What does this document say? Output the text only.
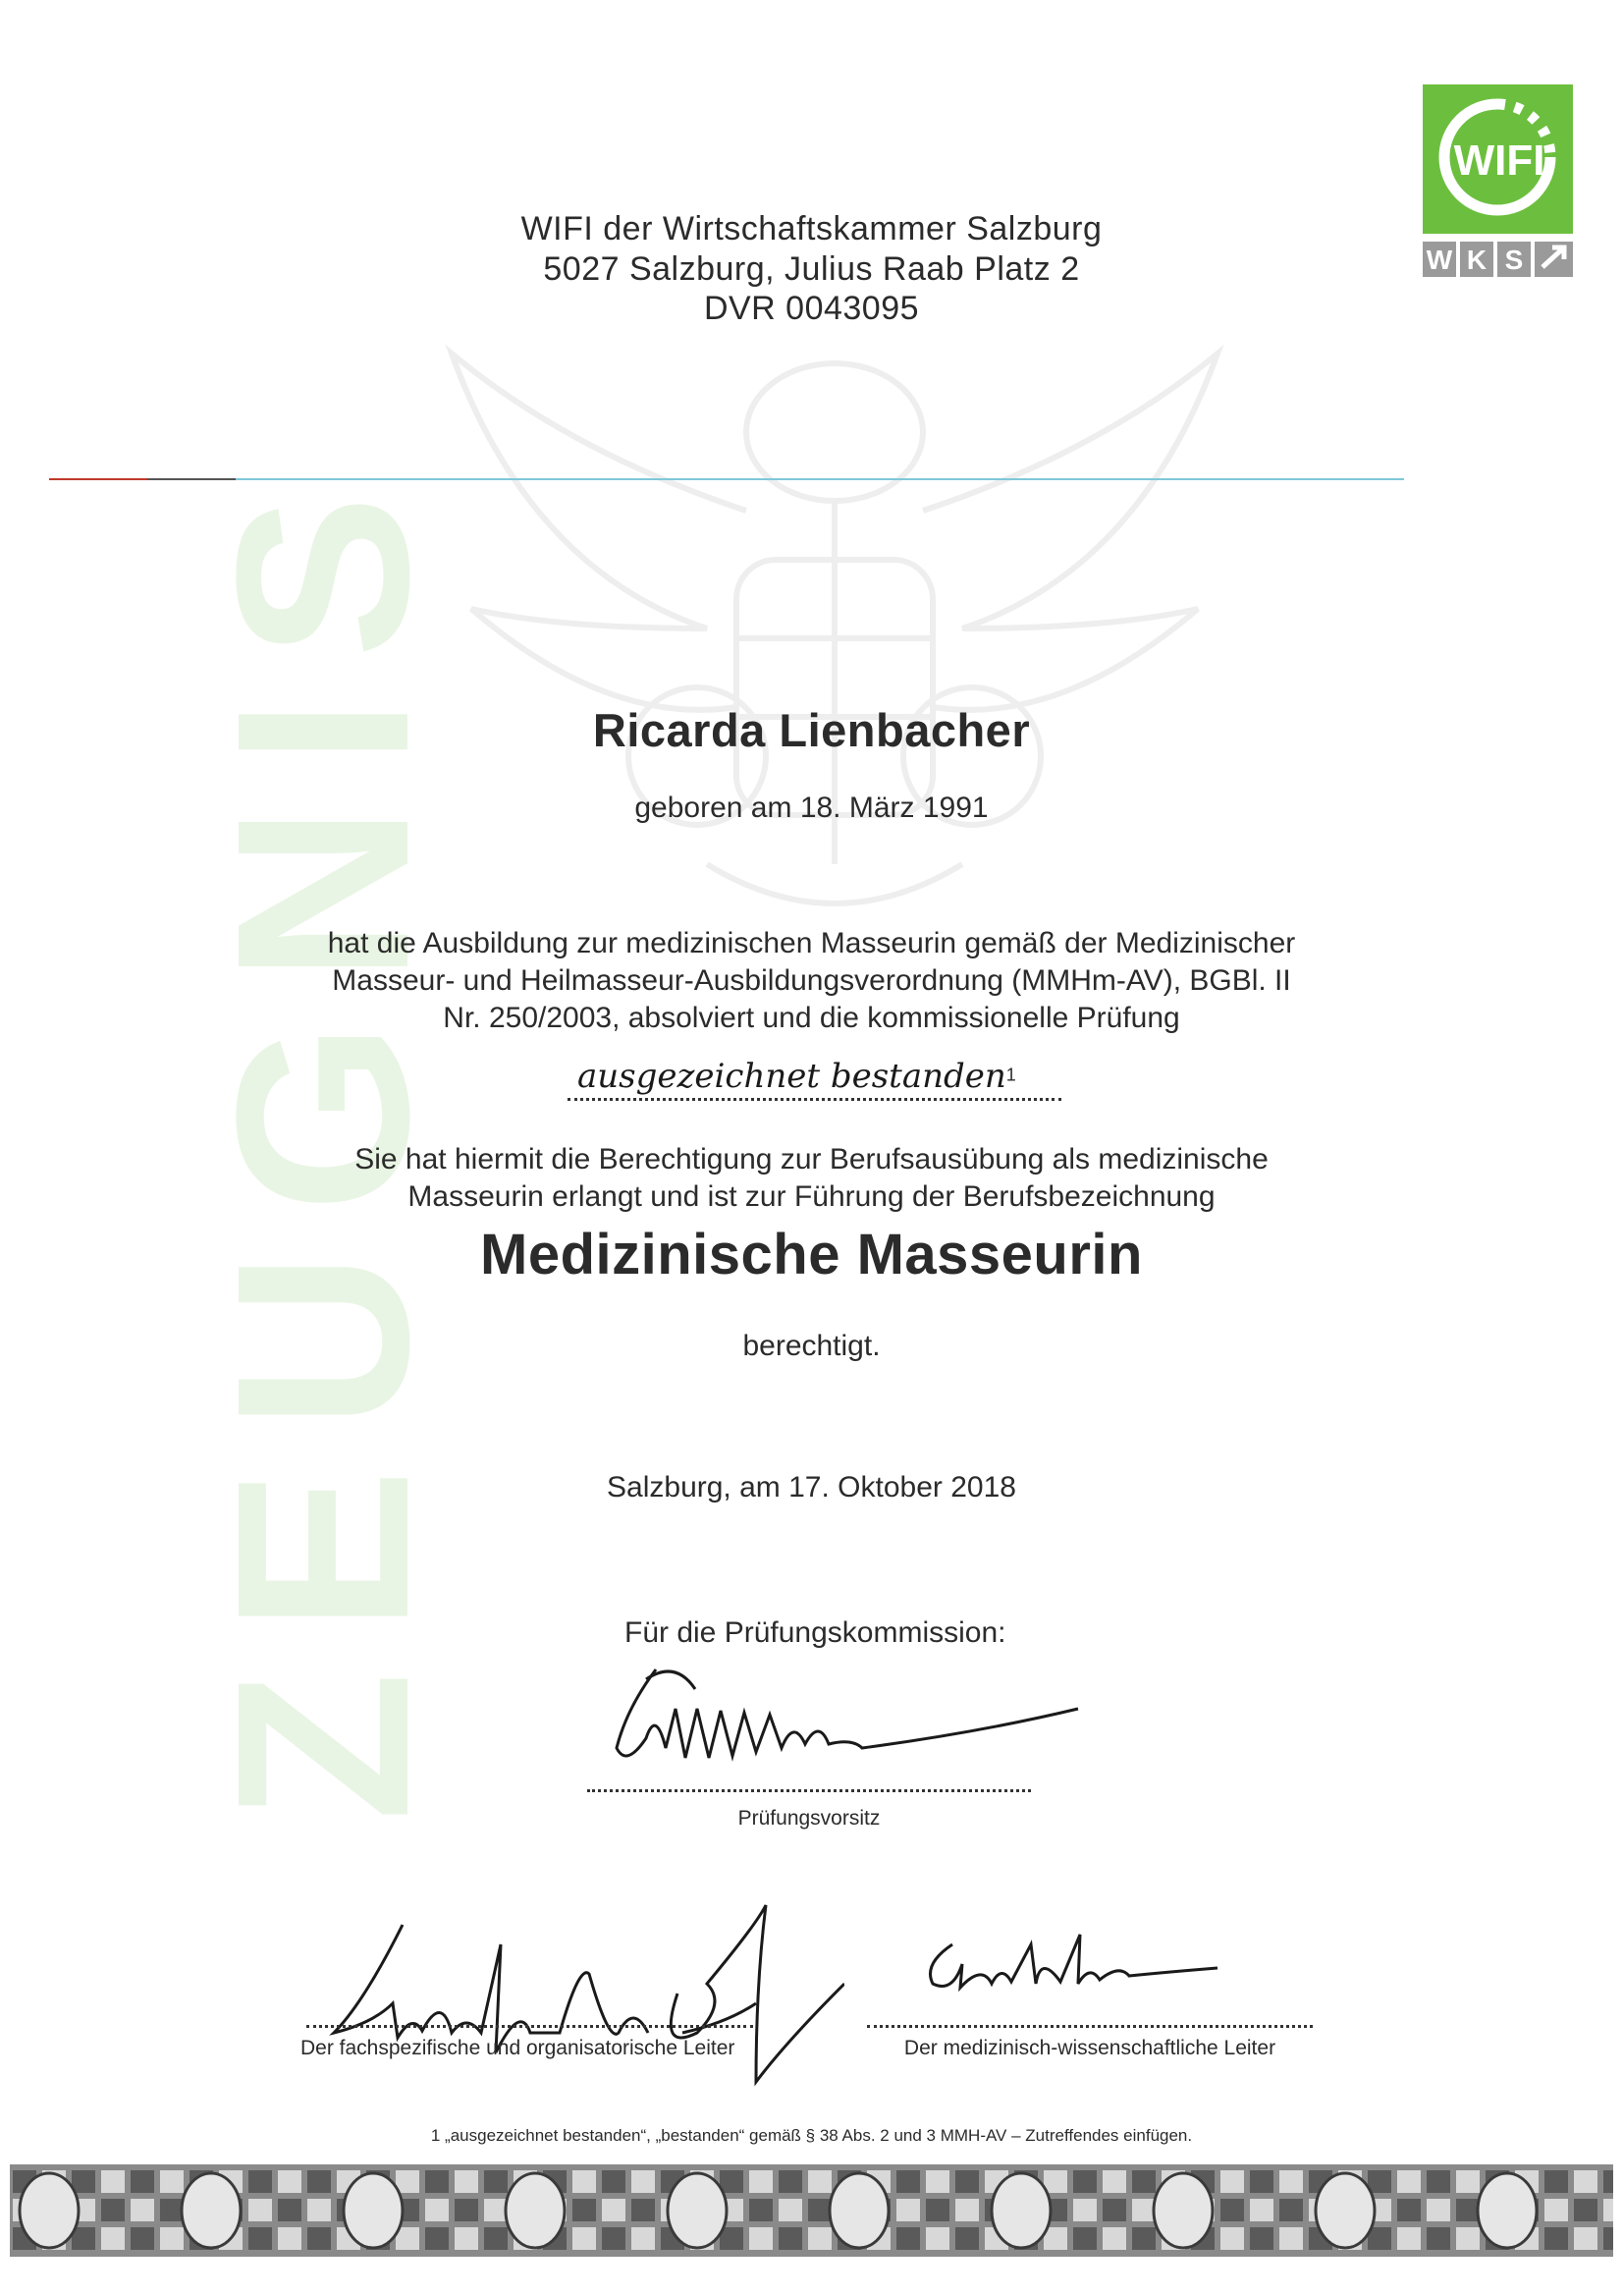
ZEUGNIS
WIFI der Wirtschaftskammer Salzburg
5027 Salzburg, Julius Raab Platz 2
DVR 0043095
WIFI
W K S
Ricarda Lienbacher
geboren am 18. März 1991
hat die Ausbildung zur medizinischen Masseurin gemäß der Medizinischer
Masseur- und Heilmasseur-Ausbildungsverordnung (MMHm-AV), BGBl. II
Nr. 250/2003, absolviert und die kommissionelle Prüfung
ausgezeichnet bestanden$^1$
Sie hat hiermit die Berechtigung zur Berufsausübung als medizinische
Masseurin erlangt und ist zur Führung der Berufsbezeichnung
Medizinische Masseurin
berechtigt.
Salzburg, am 17. Oktober 2018
Für die Prüfungskommission:
Prüfungsvorsitz
Der fachspezifische und organisatorische Leiter	Der medizinisch-wissenschaftliche Leiter
1 „ausgezeichnet bestanden“, „bestanden“ gemäß § 38 Abs. 2 und 3 MMH-AV – Zutreffendes einfügen.
